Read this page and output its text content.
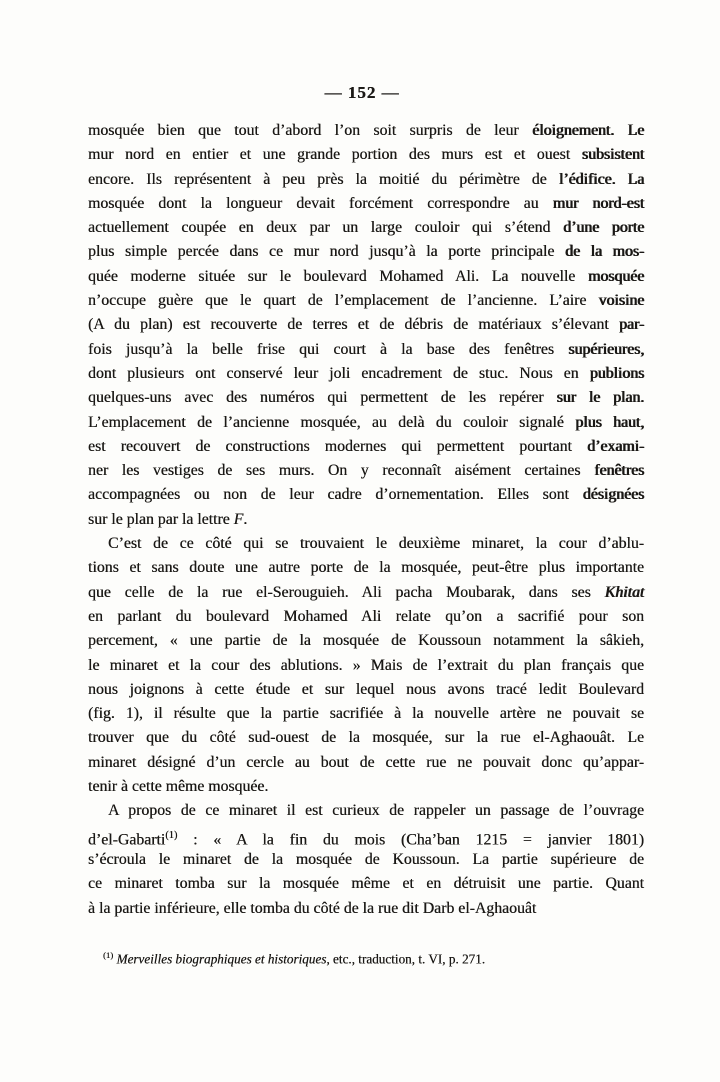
— 152 —
mosquée bien que tout d’abord l’on soit surpris de leur éloignement. Le
mur nord en entier et une grande portion des murs est et ouest subsistent
encore. Ils représentent à peu près la moitié du périmètre de l’édifice. La
mosquée dont la longueur devait forcément correspondre au mur nord-est
actuellement coupée en deux par un large couloir qui s’étend d’une porte
plus simple percée dans ce mur nord jusqu’à la porte principale de la mos-
quée moderne située sur le boulevard Mohamed Ali. La nouvelle mosquée
n’occupe guère que le quart de l’emplacement de l’ancienne. L’aire voisine
(A du plan) est recouverte de terres et de débris de matériaux s’élevant par-
fois jusqu’à la belle frise qui court à la base des fenêtres supérieures,
dont plusieurs ont conservé leur joli encadrement de stuc. Nous en publions
quelques-uns avec des numéros qui permettent de les repérer sur le plan.
L’emplacement de l’ancienne mosquée, au delà du couloir signalé plus haut,
est recouvert de constructions modernes qui permettent pourtant d’exami-
ner les vestiges de ses murs. On y reconnaît aisément certaines fenêtres
accompagnées ou non de leur cadre d’ornementation. Elles sont désignées
sur le plan par la lettre F.
C’est de ce côté qui se trouvaient le deuxième minaret, la cour d’ablu-
tions et sans doute une autre porte de la mosquée, peut-être plus importante
que celle de la rue el-Serouguieh. Ali pacha Moubarak, dans ses Khitat
en parlant du boulevard Mohamed Ali relate qu’on a sacrifié pour son
percement, « une partie de la mosquée de Koussoun notamment la sâkieh,
le minaret et la cour des ablutions. » Mais de l’extrait du plan français que
nous joignons à cette étude et sur lequel nous avons tracé ledit Boulevard
(fig. 1), il résulte que la partie sacrifiée à la nouvelle artère ne pouvait se
trouver que du côté sud-ouest de la mosquée, sur la rue el-Aghaouât. Le
minaret désigné d’un cercle au bout de cette rue ne pouvait donc qu’appar-
tenir à cette même mosquée.
A propos de ce minaret il est curieux de rappeler un passage de l’ouvrage
d’el-Gabarti$^{(1)}$ : « A la fin du mois (Cha’ban 1215 = janvier 1801)
s’écroula le minaret de la mosquée de Koussoun. La partie supérieure de
ce minaret tomba sur la mosquée même et en détruisit une partie. Quant
à la partie inférieure, elle tomba du côté de la rue dit Darb el-Aghaouât
$^{(1)}$ Merveilles biographiques et historiques, etc., traduction, t. VI, p. 271.
